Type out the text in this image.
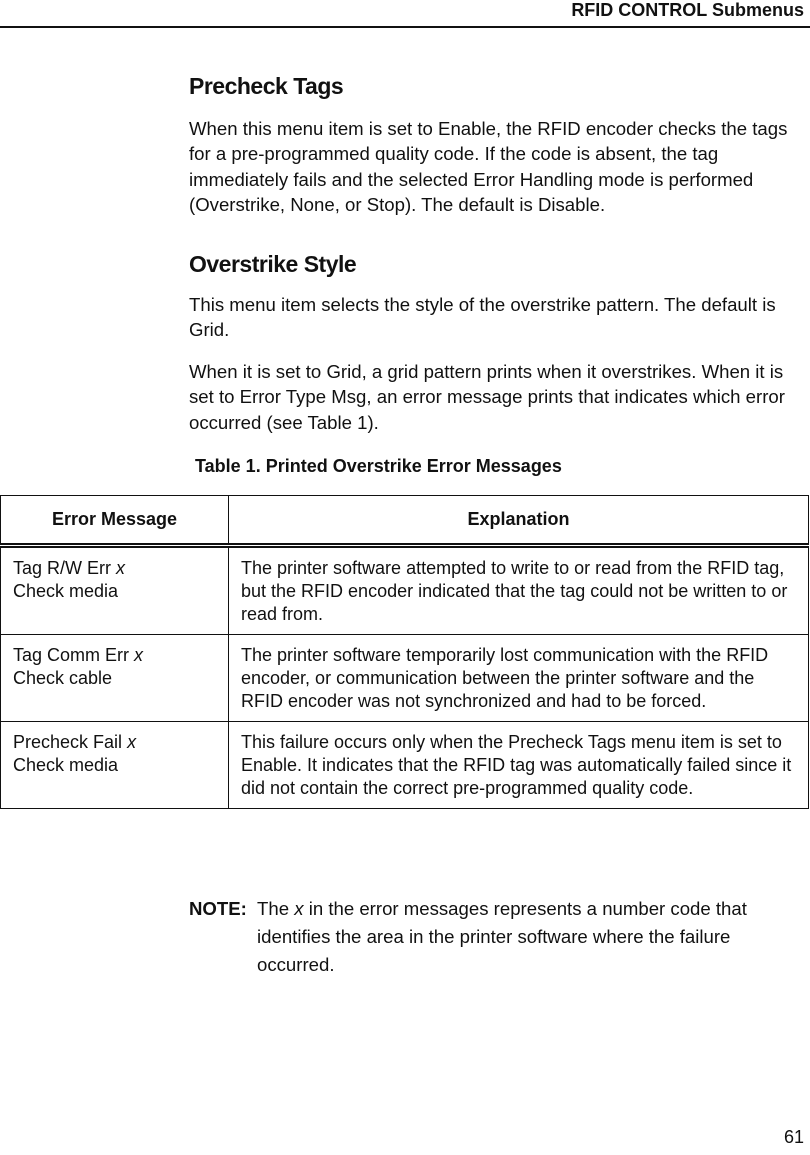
RFID CONTROL Submenus
Precheck Tags
When this menu item is set to Enable, the RFID encoder checks the tags for a pre-programmed quality code. If the code is absent, the tag immediately fails and the selected Error Handling mode is performed (Overstrike, None, or Stop). The default is Disable.
Overstrike Style
This menu item selects the style of the overstrike pattern. The default is Grid.
When it is set to Grid, a grid pattern prints when it overstrikes. When it is set to Error Type Msg, an error message prints that indicates which error occurred (see Table 1).
Table 1. Printed Overstrike Error Messages
Error Message	Explanation
Tag R/W Err x
Check media	The printer software attempted to write to or read from the RFID tag, but the RFID encoder indicated that the tag could not be written to or read from.
Tag Comm Err x
Check cable	The printer software temporarily lost communication with the RFID encoder, or communication between the printer software and the RFID encoder was not synchronized and had to be forced.
Precheck Fail x
Check media	This failure occurs only when the Precheck Tags menu item is set to Enable. It indicates that the RFID tag was automatically failed since it did not contain the correct pre-programmed quality code.
NOTE: The x in the error messages represents a number code that identifies the area in the printer software where the failure occurred.
61
